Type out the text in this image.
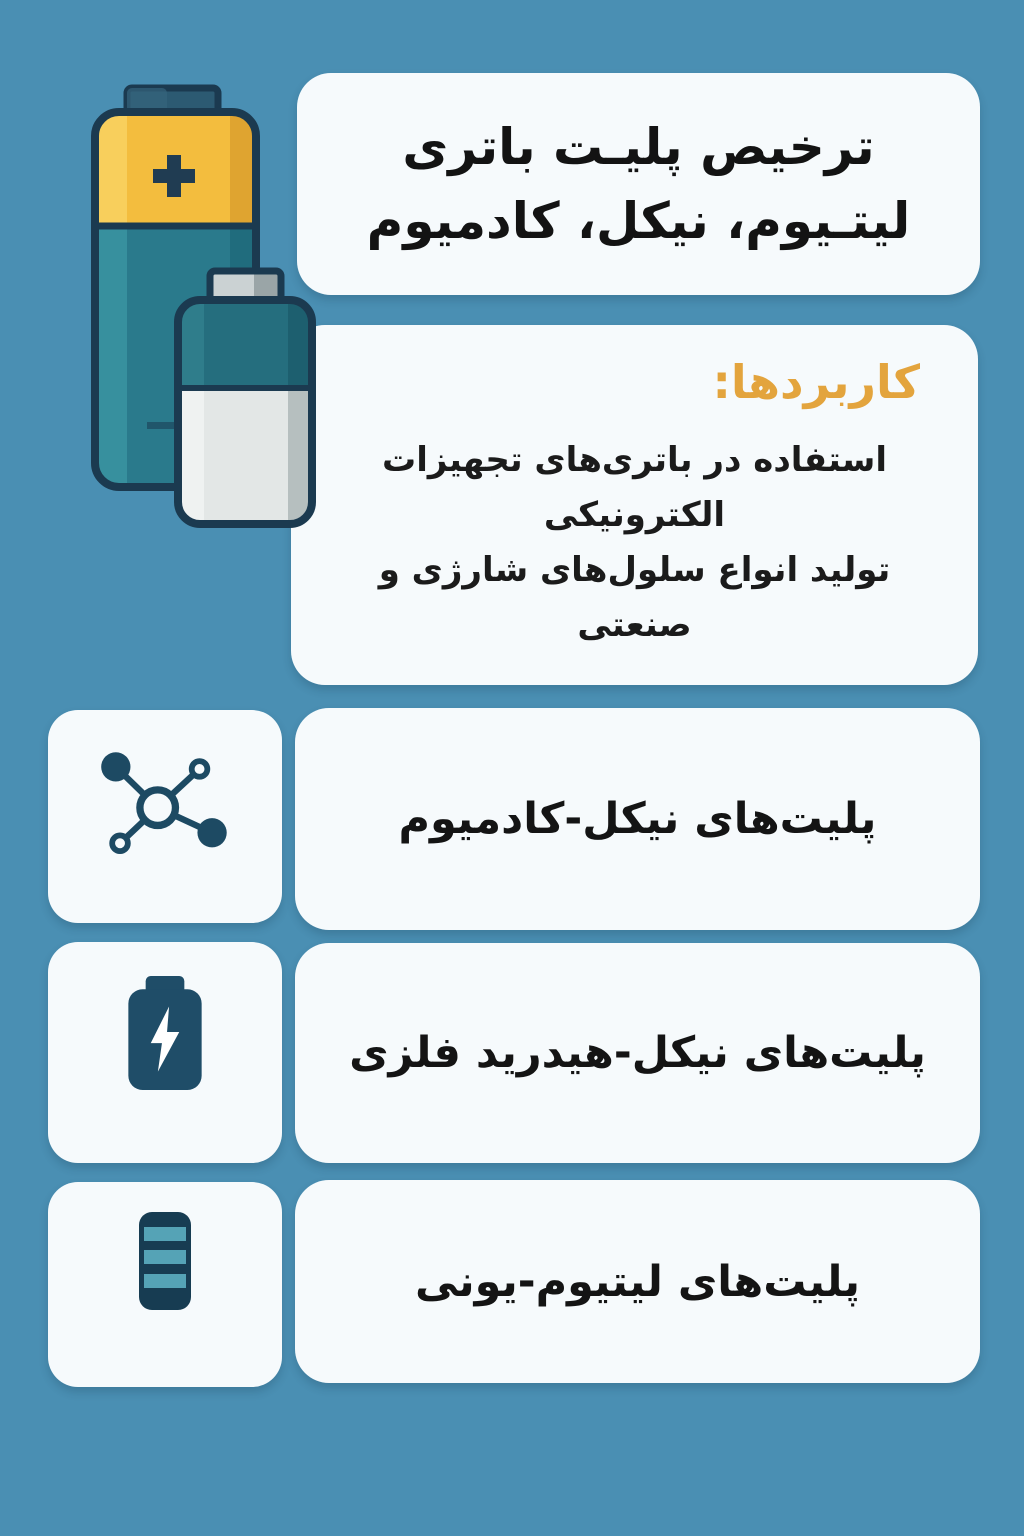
ترخیص پلیـت باتری
لیتـیوم، نیکل، کادمیوم
کاربردها:
استفاده در باتری‌های تجهیزات
الکترونیکی
تولید انواع سلول‌های شارژی و
صنعتی
پلیت‌های نیکل-کادمیوم
پلیت‌های نیکل-هیدرید فلزی
پلیت‌های لیتیوم-یونی
